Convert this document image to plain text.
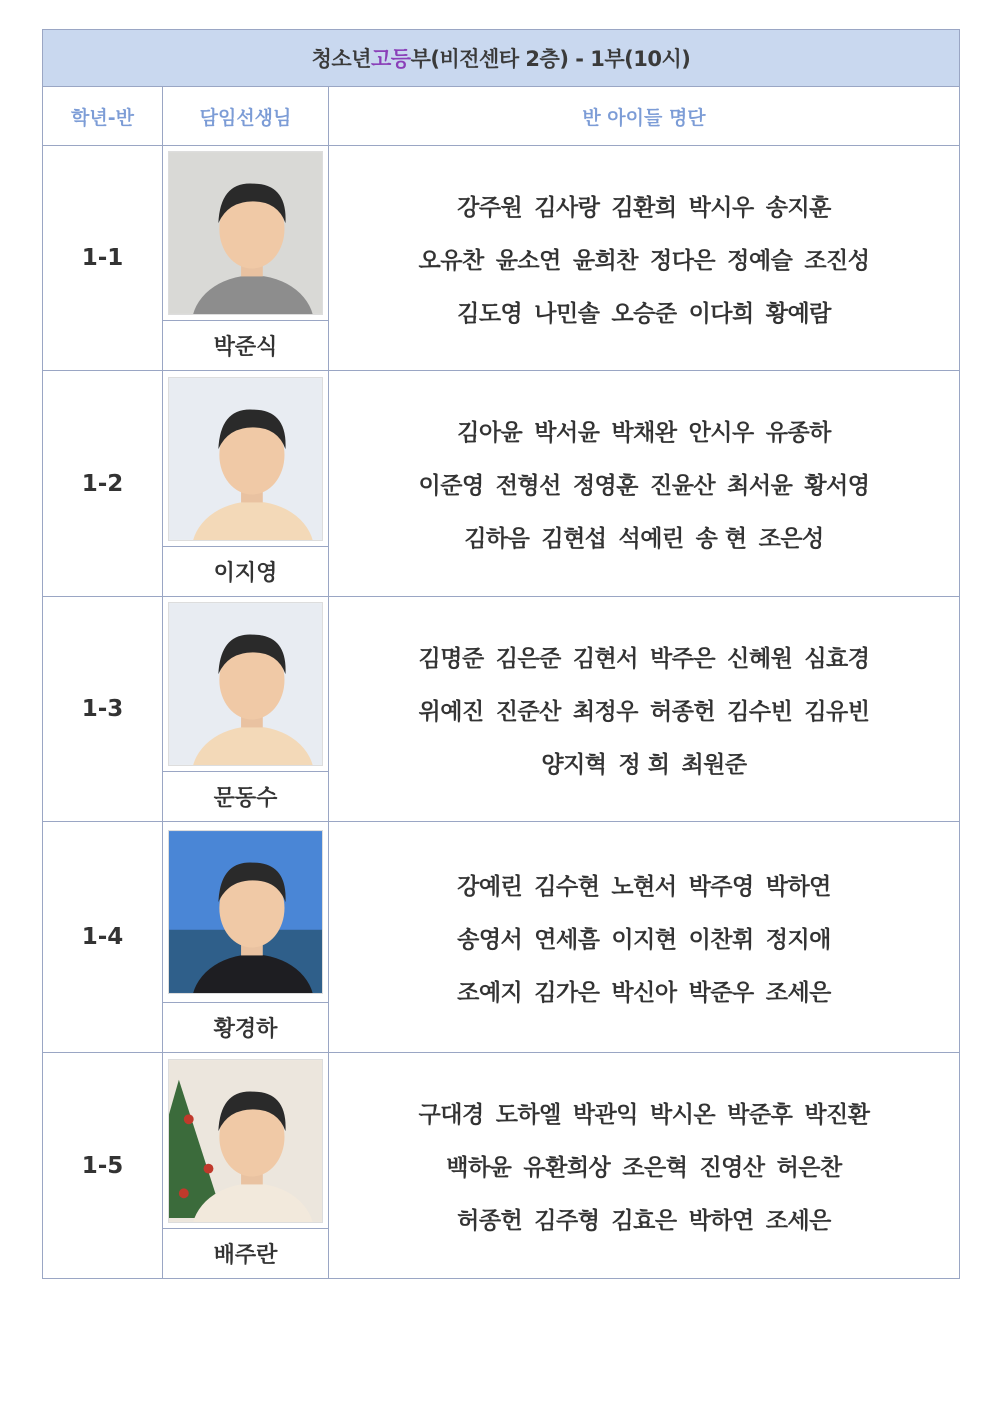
청소년 고등 부(비전센타 2층) - 1부(10시)
학년-반	담임선생님	반 아이들 명단
1-1
박준식
강주원 김사랑 김환희 박시우 송지훈
오유찬 윤소연 윤희찬 정다은 정예슬 조진성
김도영 나민솔 오승준 이다희 황예람
1-2
이지영
김아윤 박서윤 박채완 안시우 유종하
이준영 전형선 정영훈 진윤산 최서윤 황서영
김하음 김현섭 석예린 송 현 조은성
1-3
문동수
김명준 김은준 김현서 박주은 신혜원 심효경
위예진 진준산 최정우 허종헌 김수빈 김유빈
양지혁 정 희 최원준
1-4
황경하
강예린 김수현 노현서 박주영 박하연
송영서 연세흠 이지현 이찬휘 정지애
조예지 김가은 박신아 박준우 조세은
1-5
배주란
구대경 도하엘 박관익 박시온 박준후 박진환
백하윤 유환희상 조은혁 진영산 허은찬
허종헌 김주형 김효은 박하연 조세은
